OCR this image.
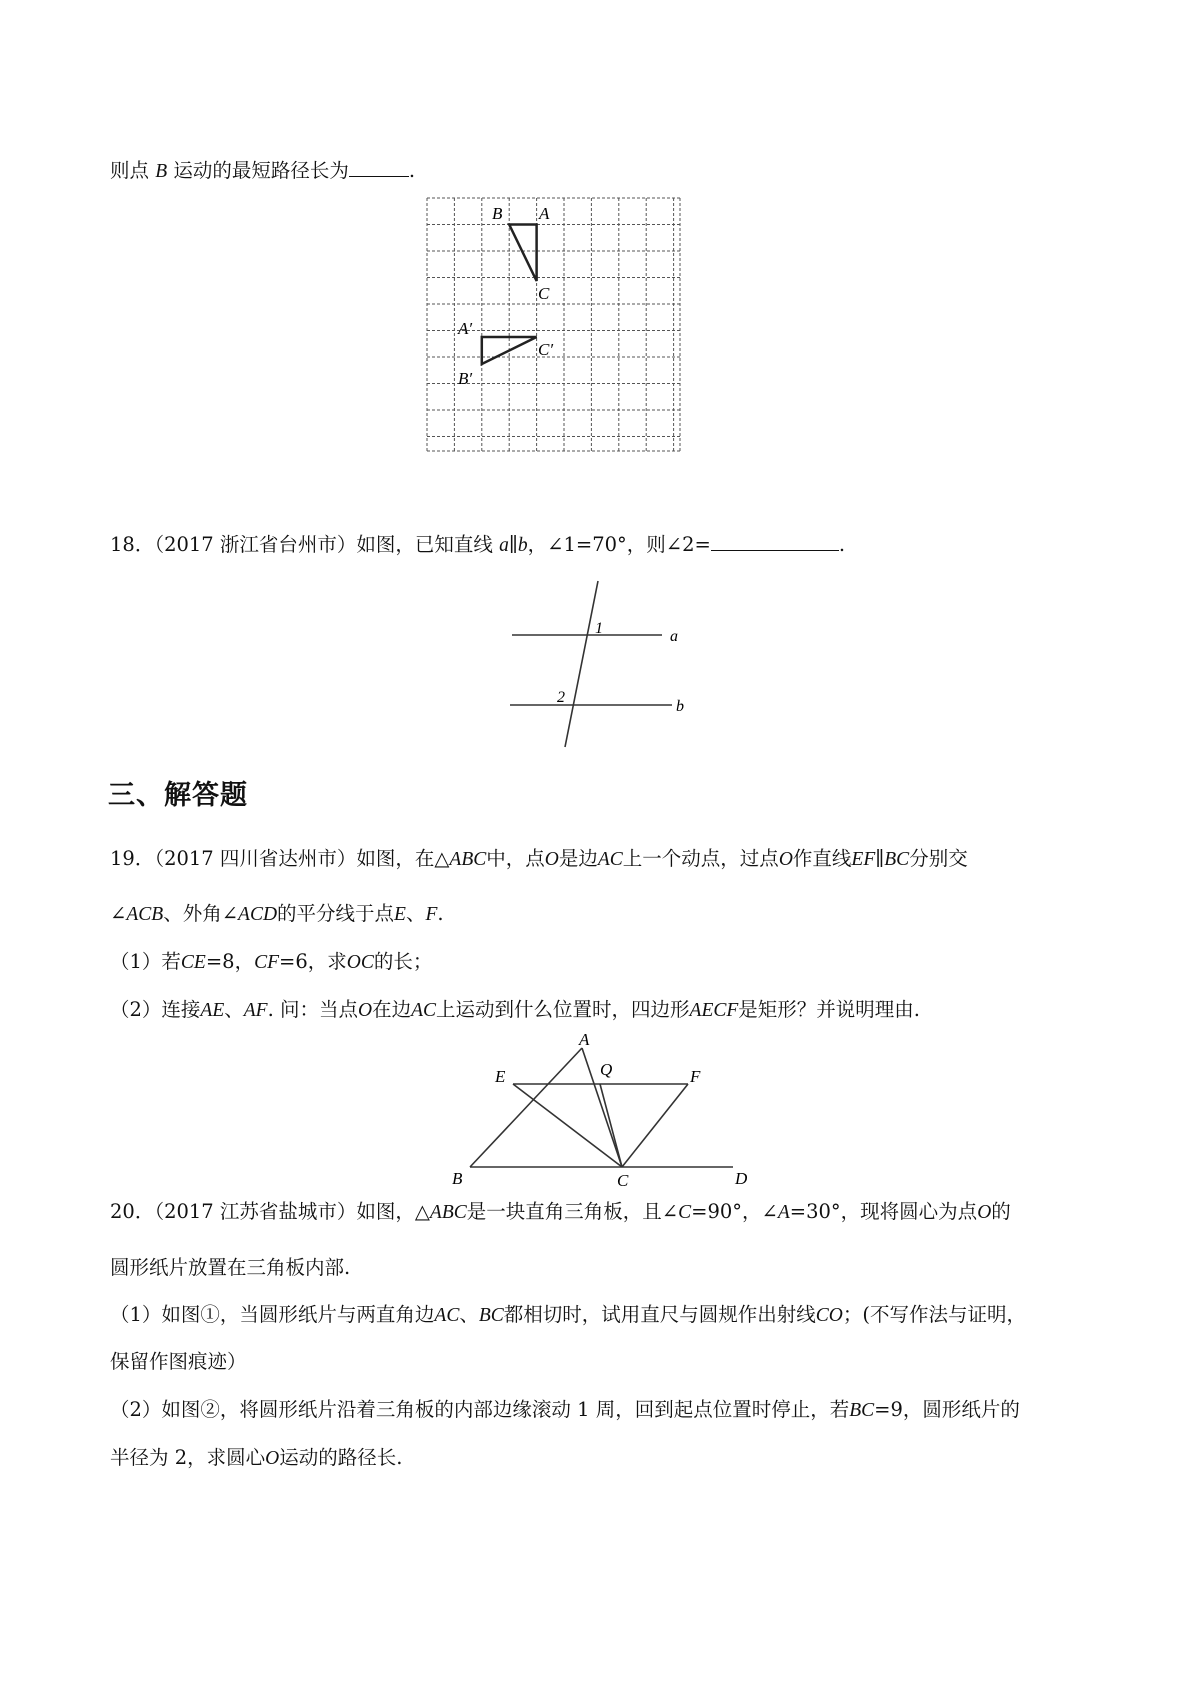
则点 B 运动的最短路径长为	.
B A
C
A′
C′
B′
18．（2017 浙江省台州市）如图，已知直线 a∥b，∠1=70°，则∠2=	.
1
2
a
b
三、解答题
19．（2017 四川省达州市）如图，在△ABC中，点O是边AC上一个动点，过点O作直线EF∥BC分别交
∠ACB、外角∠ACD的平分线于点E、F.
（1）若CE=8，CF=6，求OC的长；
（2）连接AE、AF. 问：当点O在边AC上运动到什么位置时，四边形AECF是矩形？并说明理由.
A
Q
E	F
B	C	D
20．（2017 江苏省盐城市）如图，△ABC是一块直角三角板，且∠C=90°，∠A=30°，现将圆心为点O的
圆形纸片放置在三角板内部.
（1）如图①，当圆形纸片与两直角边AC、BC都相切时，试用直尺与圆规作出射线CO；(不写作法与证明，
保留作图痕迹）
（2）如图②，将圆形纸片沿着三角板的内部边缘滚动 1 周，回到起点位置时停止，若BC=9，圆形纸片的
半径为 2，求圆心O运动的路径长.
